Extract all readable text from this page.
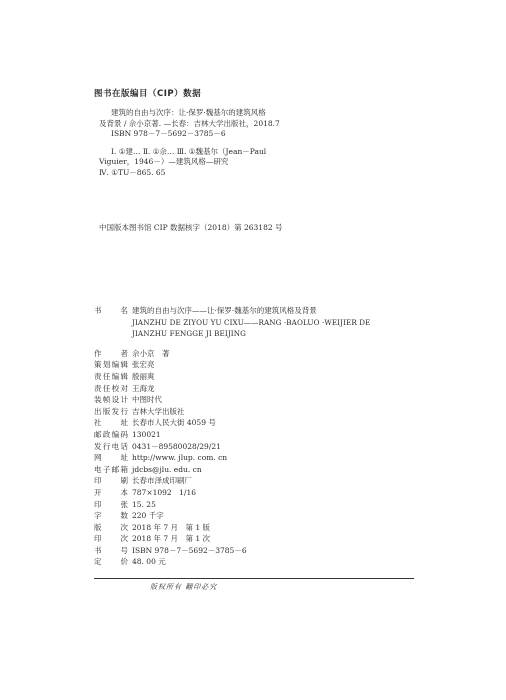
图书在版编目（CIP）数据
建筑的自由与次序：让·保罗·魏基尔的建筑风格
及背景 / 佘小京著. —长春：吉林大学出版社，2018.7
ISBN 978－7－5692－3785－6
Ⅰ. ①建… Ⅱ. ①佘… Ⅲ. ①魏基尔（Jean－Paul
Viguier，1946－）—建筑风格—研究
Ⅳ. ①TU－865. 65
中国版本图书馆 CIP 数据核字（2018）第 263182 号
书　名 建筑的自由与次序——让·保罗·魏基尔的建筑风格及背景
JIANZHU DE ZIYOU YU CIXU——RANG ·BAOLUO ·WEIJIER DE
JIANZHU FENGGE JI BEIJING
作　者 佘小京　著
策划编辑 张宏亮
责任编辑 殷丽爽
责任校对 王海龙
装帧设计 中图时代
出版发行 吉林大学出版社
社　址 长春市人民大街 4059 号
邮政编码 130021
发行电话 0431－89580028/29/21
网　址 http://www. jlup. com. cn
电子邮箱 jdcbs@jlu. edu. cn
印　刷 长春市泽成印刷厂
开　本 787×1092　1/16
印　张 15. 25
字　数 220 千字
版　次 2018 年 7 月　第 1 版
印　次 2018 年 7 月　第 1 次
书　号 ISBN 978－7－5692－3785－6
定　价 48. 00 元
版权所有 翻印必究
